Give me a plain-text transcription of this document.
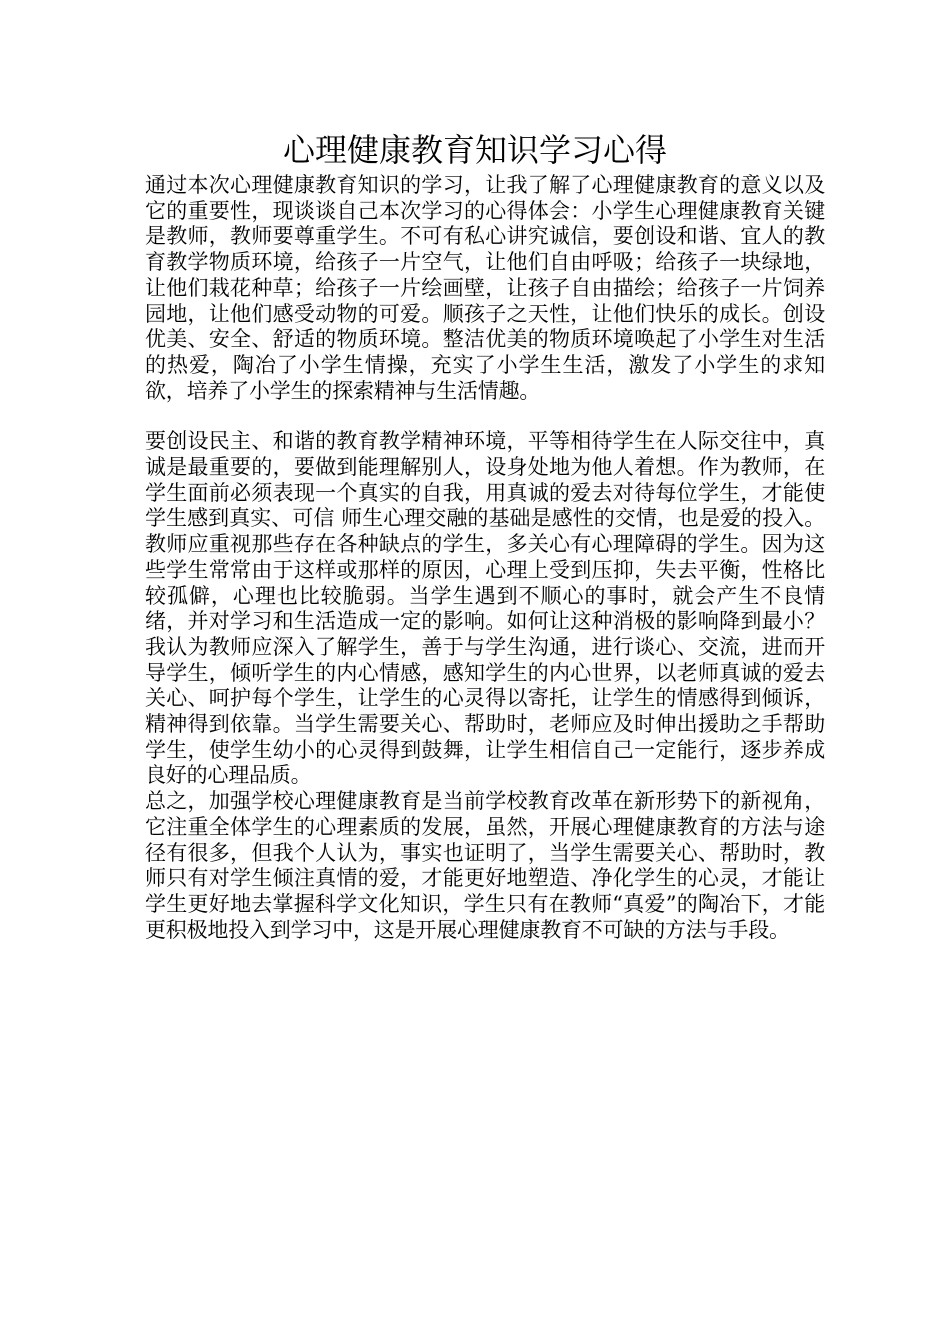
心理健康教育知识学习心得

通过本次心理健康教育知识的学习，让我了解了心理健康教育的意义以及它的重要性，现谈谈自己本次学习的心得体会：小学生心理健康教育关键是教师，教师要尊重学生。不可有私心讲究诚信，要创设和谐、宜人的教育教学物质环境，给孩子一片空气，让他们自由呼吸；给孩子一块绿地，让他们栽花种草；给孩子一片绘画壁，让孩子自由描绘；给孩子一片饲养园地，让他们感受动物的可爱。顺孩子之天性，让他们快乐的成长。创设优美、安全、舒适的物质环境。整洁优美的物质环境唤起了小学生对生活的热爱，陶冶了小学生情操，充实了小学生生活，激发了小学生的求知欲，培养了小学生的探索精神与生活情趣。

要创设民主、和谐的教育教学精神环境，平等相待学生在人际交往中，真诚是最重要的，要做到能理解别人，设身处地为他人着想。作为教师，在学生面前必须表现一个真实的自我，用真诚的爱去对待每位学生，才能使学生感到真实、可信 师生心理交融的基础是感性的交情，也是爱的投入。教师应重视那些存在各种缺点的学生，多关心有心理障碍的学生。因为这些学生常常由于这样或那样的原因，心理上受到压抑，失去平衡，性格比较孤僻，心理也比较脆弱。当学生遇到不顺心的事时，就会产生不良情绪，并对学习和生活造成一定的影响。如何让这种消极的影响降到最小？我认为教师应深入了解学生，善于与学生沟通，进行谈心、交流，进而开导学生，倾听学生的内心情感，感知学生的内心世界，以老师真诚的爱去关心、呵护每个学生，让学生的心灵得以寄托，让学生的情感得到倾诉，精神得到依靠。当学生需要关心、帮助时，老师应及时伸出援助之手帮助学生，使学生幼小的心灵得到鼓舞，让学生相信自己一定能行，逐步养成良好的心理品质。

总之，加强学校心理健康教育是当前学校教育改革在新形势下的新视角，它注重全体学生的心理素质的发展，虽然，开展心理健康教育的方法与途径有很多，但我个人认为，事实也证明了，当学生需要关心、帮助时，教师只有对学生倾注真情的爱，才能更好地塑造、净化学生的心灵，才能让学生更好地去掌握科学文化知识，学生只有在教师“真爱”的陶冶下，才能更积极地投入到学习中，这是开展心理健康教育不可缺的方法与手段。
